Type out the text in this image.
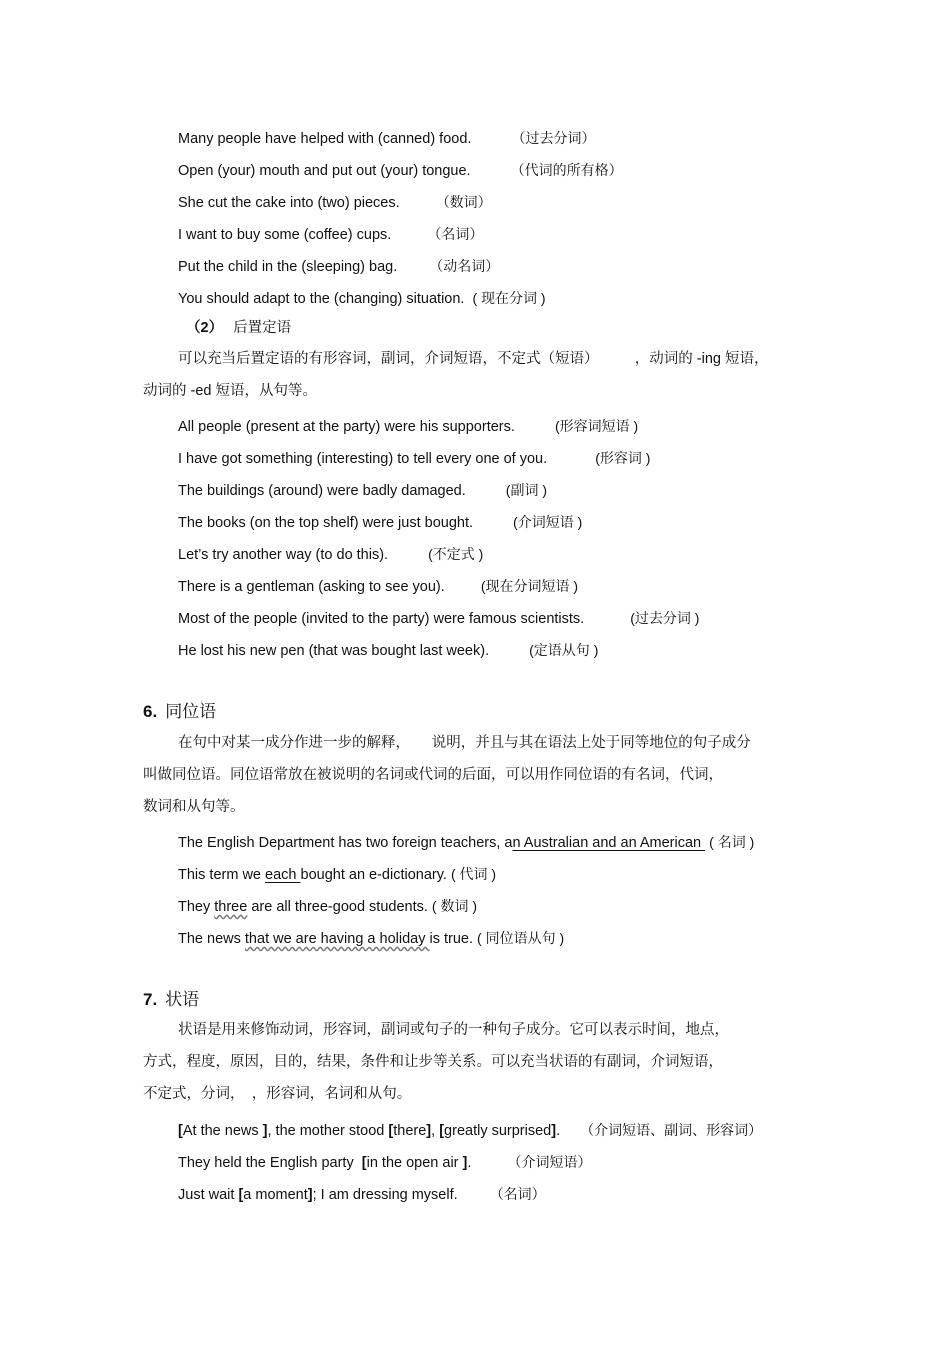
Many people have helped with (canned) food.	（过去分词）
Open (your) mouth and put out (your) tongue.	（代词的所有格）
She cut the cake into (two) pieces.	（数词）
I want to buy some (coffee) cups.	（名词）
Put the child in the (sleeping) bag. （动名词）
You should adapt to the (changing) situation. ( 现在分词 )
（2） 后置定语
可以充当后置定语的有形容词，副词，介词短语，不定式（短语）　　　，动词的 -ing 短语，
动词的 -ed 短语，从句等。
All people (present at the party) were his supporters.	(形容词短语 )
I have got something (interesting) to tell every one of you.	(形容词 )
The buildings (around) were badly damaged.	(副词 )
The books (on the top shelf) were just bought.	(介词短语 )
Let’s try another way (to do this).	(不定式 )
There is a gentleman (asking to see you).	(现在分词短语 )
Most of the people (invited to the party) were famous scientists.	(过去分词 )
He lost his new pen (that was bought last week).	(定语从句 )
6. 同位语
在句中对某一成分作进一步的解释，　　说明，并且与其在语法上处于同等地位的句子成分
叫做同位语。同位语常放在被说明的名词或代词的后面，可以用作同位语的有名词，代词，
数词和从句等。
The English Department has two foreign teachers, an Australian and an American ( 名词 )
This term we each bought an e-dictionary. ( 代词 )
They three are all three-good students. ( 数词 )
The news that we are having a holiday is true. ( 同位语从句 )
7. 状语
状语是用来修饰动词，形容词，副词或句子的一种句子成分。它可以表示时间，地点，
方式，程度，原因，目的，结果，条件和让步等关系。可以充当状语的有副词，介词短语，
不定式，分词，　，形容词，名词和从句。
[At the news ], the mother stood [there], [greatly surprised]. （介词短语、副词、形容词）
They held the English party  [in the open air ].	（介词短语）
Just wait [a moment]; I am dressing myself. （名词）
